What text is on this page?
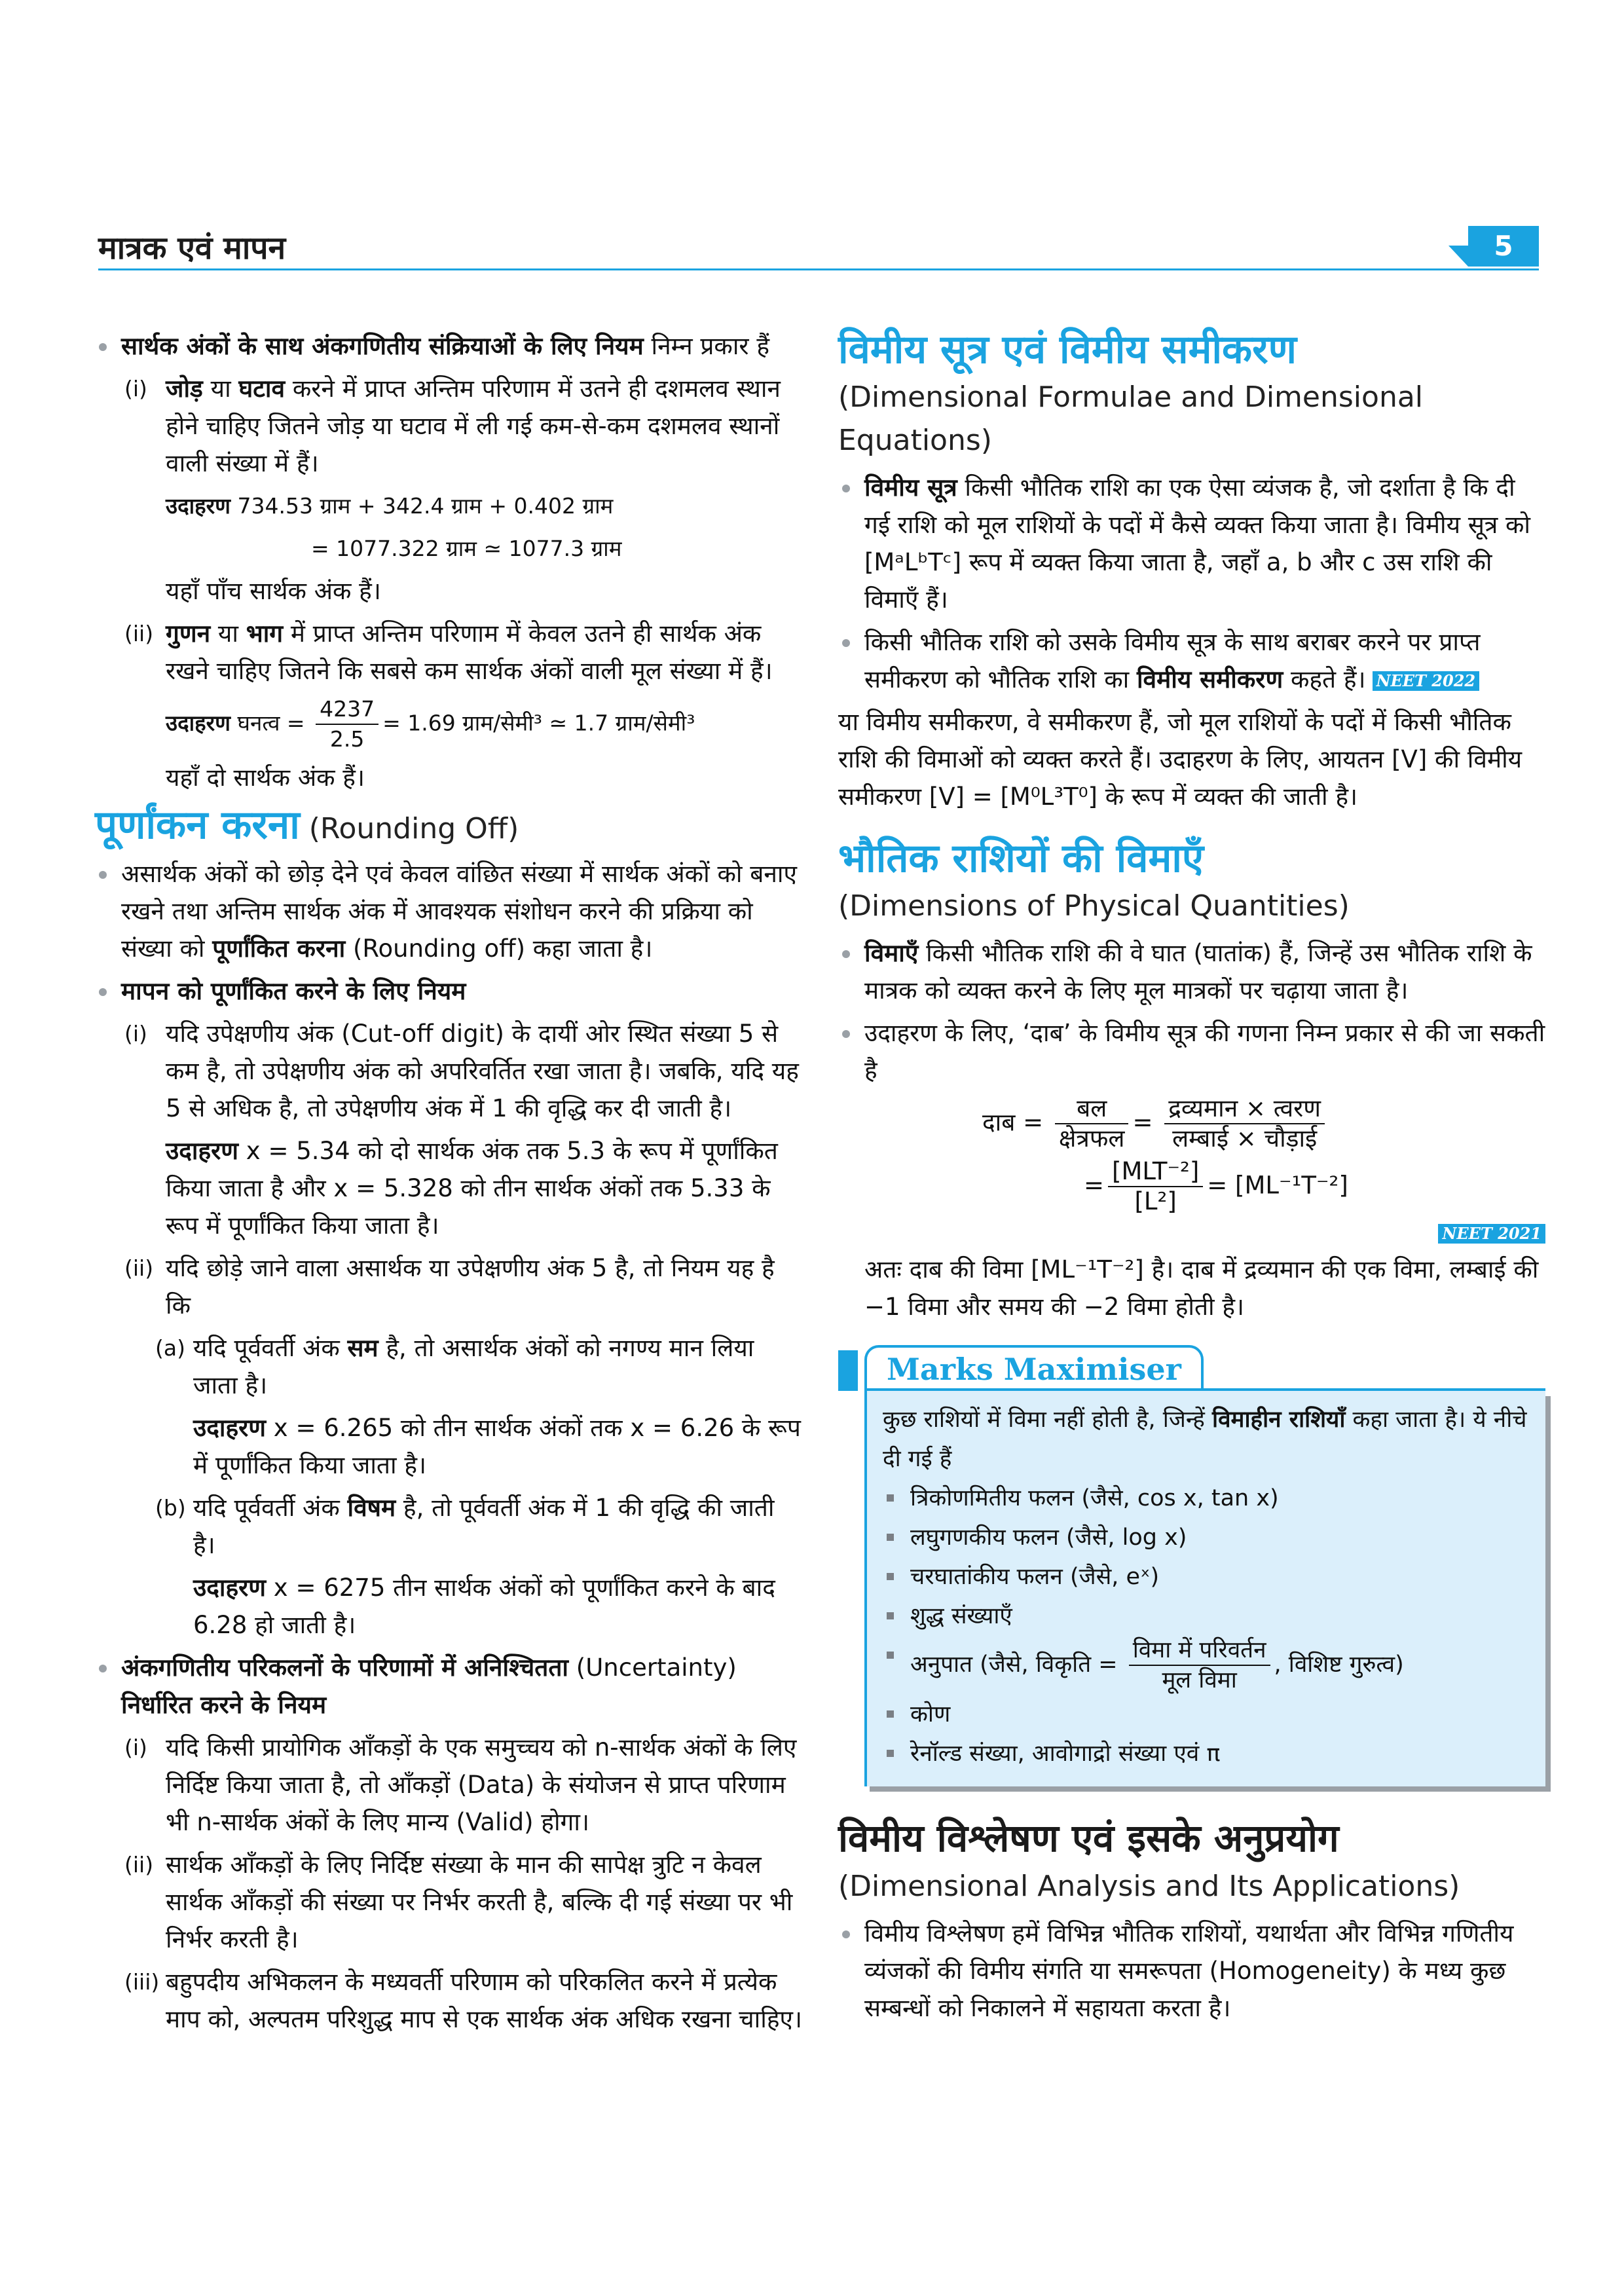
मात्रक एवं मापन	5
सार्थक अंकों के साथ अंकगणितीय संक्रियाओं के लिए नियम निम्न प्रकार हैं
(i) जोड़ या घटाव करने में प्राप्त अन्तिम परिणाम में उतने ही दशमलव स्थान होने चाहिए जितने जोड़ या घटाव में ली गई कम-से-कम दशमलव स्थानों वाली संख्या में हैं।
उदाहरण 734.53 ग्राम + 342.4 ग्राम + 0.402 ग्राम
= 1077.322 ग्राम ≃ 1077.3 ग्राम
यहाँ पाँच सार्थक अंक हैं।
(ii) गुणन या भाग में प्राप्त अन्तिम परिणाम में केवल उतने ही सार्थक अंक रखने चाहिए जितने कि सबसे कम सार्थक अंकों वाली मूल संख्या में हैं।
उदाहरण घनत्व = $\frac{4237}{2.5} = 1.69$ ग्राम/सेमी³ ≃ 1.7 ग्राम/सेमी³
यहाँ दो सार्थक अंक हैं।
पूर्णांकन करना (Rounding Off)
असार्थक अंकों को छोड़ देने एवं केवल वांछित संख्या में सार्थक अंकों को बनाए रखने तथा अन्तिम सार्थक अंक में आवश्यक संशोधन करने की प्रक्रिया को संख्या को पूर्णांकित करना (Rounding off) कहा जाता है।
मापन को पूर्णांकित करने के लिए नियम
(i) यदि उपेक्षणीय अंक (Cut-off digit) के दायीं ओर स्थित संख्या 5 से कम है, तो उपेक्षणीय अंक को अपरिवर्तित रखा जाता है। जबकि, यदि यह 5 से अधिक है, तो उपेक्षणीय अंक में 1 की वृद्धि कर दी जाती है।
उदाहरण x = 5.34 को दो सार्थक अंक तक 5.3 के रूप में पूर्णांकित किया जाता है और x = 5.328 को तीन सार्थक अंकों तक 5.33 के रूप में पूर्णांकित किया जाता है।
(ii) यदि छोड़े जाने वाला असार्थक या उपेक्षणीय अंक 5 है, तो नियम यह है कि
(a) यदि पूर्ववर्ती अंक सम है, तो असार्थक अंकों को नगण्य मान लिया जाता है।
उदाहरण x = 6.265 को तीन सार्थक अंकों तक x = 6.26 के रूप में पूर्णांकित किया जाता है।
(b) यदि पूर्ववर्ती अंक विषम है, तो पूर्ववर्ती अंक में 1 की वृद्धि की जाती है।
उदाहरण x = 6275 तीन सार्थक अंकों को पूर्णांकित करने के बाद 6.28 हो जाती है।
अंकगणितीय परिकलनों के परिणामों में अनिश्चितता (Uncertainty) निर्धारित करने के नियम
(i) यदि किसी प्रायोगिक आँकड़ों के एक समुच्चय को n-सार्थक अंकों के लिए निर्दिष्ट किया जाता है, तो आँकड़ों (Data) के संयोजन से प्राप्त परिणाम भी n-सार्थक अंकों के लिए मान्य (Valid) होगा।
(ii) सार्थक आँकड़ों के लिए निर्दिष्ट संख्या के मान की सापेक्ष त्रुटि न केवल सार्थक आँकड़ों की संख्या पर निर्भर करती है, बल्कि दी गई संख्या पर भी निर्भर करती है।
(iii) बहुपदीय अभिकलन के मध्यवर्ती परिणाम को परिकलित करने में प्रत्येक माप को, अल्पतम परिशुद्ध माप से एक सार्थक अंक अधिक रखना चाहिए।
विमीय सूत्र एवं विमीय समीकरण
(Dimensional Formulae and Dimensional Equations)
विमीय सूत्र किसी भौतिक राशि का एक ऐसा व्यंजक है, जो दर्शाता है कि दी गई राशि को मूल राशियों के पदों में कैसे व्यक्त किया जाता है। विमीय सूत्र को [MᵃLᵇTᶜ] रूप में व्यक्त किया जाता है, जहाँ a, b और c उस राशि की विमाएँ हैं।
किसी भौतिक राशि को उसके विमीय सूत्र के साथ बराबर करने पर प्राप्त समीकरण को भौतिक राशि का विमीय समीकरण कहते हैं। NEET 2022
या विमीय समीकरण, वे समीकरण हैं, जो मूल राशियों के पदों में किसी भौतिक राशि की विमाओं को व्यक्त करते हैं। उदाहरण के लिए, आयतन [V] की विमीय समीकरण [V] = [M⁰L³T⁰] के रूप में व्यक्त की जाती है।
भौतिक राशियों की विमाएँ
(Dimensions of Physical Quantities)
विमाएँ किसी भौतिक राशि की वे घात (घातांक) हैं, जिन्हें उस भौतिक राशि के मात्रक को व्यक्त करने के लिए मूल मात्रकों पर चढ़ाया जाता है।
उदाहरण के लिए, ‘दाब’ के विमीय सूत्र की गणना निम्न प्रकार से की जा सकती है
दाब = $\frac{\text{बल}}{\text{क्षेत्रफल}} = \frac{\text{द्रव्यमान × त्वरण}}{\text{लम्बाई × चौड़ाई}}$
= $\frac{\text{[MLT⁻²]}}{\text{[L²]}} = [ML^{-1}T^{-2}]$
NEET 2021
अतः दाब की विमा [ML⁻¹T⁻²] है। दाब में द्रव्यमान की एक विमा, लम्बाई की −1 विमा और समय की −2 विमा होती है।
Marks Maximiser
कुछ राशियों में विमा नहीं होती है, जिन्हें विमाहीन राशियाँ कहा जाता है। ये नीचे दी गई हैं
त्रिकोणमितीय फलन (जैसे, cos x, tan x)
लघुगणकीय फलन (जैसे, log x)
चरघातांकीय फलन (जैसे, eˣ)
शुद्ध संख्याएँ
अनुपात (जैसे, विकृति = $\frac{\text{विमा में परिवर्तन}}{\text{मूल विमा}}$ , विशिष्ट गुरुत्व)
कोण
रेनॉल्ड संख्या, आवोगाद्रो संख्या एवं π
विमीय विश्लेषण एवं इसके अनुप्रयोग
(Dimensional Analysis and Its Applications)
विमीय विश्लेषण हमें विभिन्न भौतिक राशियों, यथार्थता और विभिन्न गणितीय व्यंजकों की विमीय संगति या समरूपता (Homogeneity) के मध्य कुछ सम्बन्धों को निकालने में सहायता करता है।
